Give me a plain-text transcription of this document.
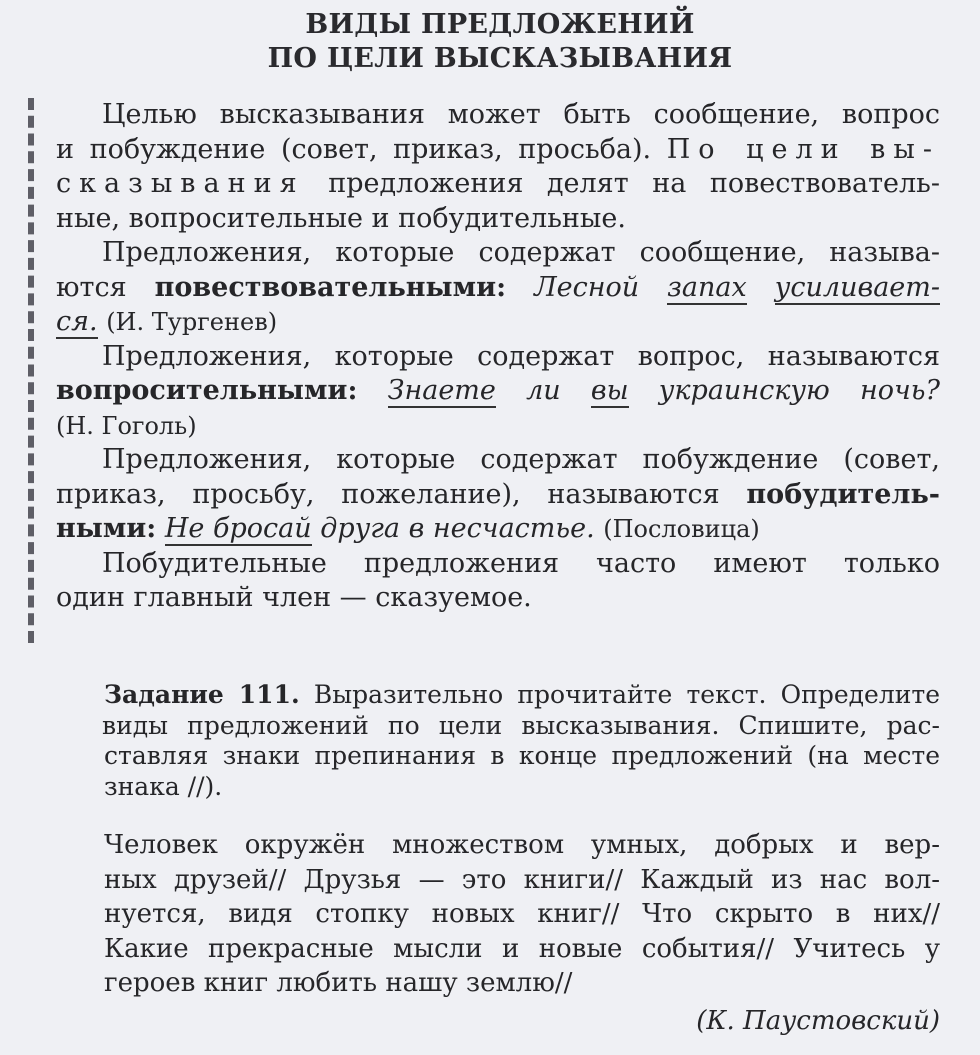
ВИДЫ ПРЕДЛОЖЕНИЙ
ПО ЦЕЛИ ВЫСКАЗЫВАНИЯ
Целью высказывания может быть сообщение, вопрос
и побуждение (совет, приказ, просьба). По цели вы-
сказывания предложения делят на повествователь-
ные, вопросительные и побудительные.
Предложения, которые содержат сообщение, называ-
ются повествовательными: Лесной запах усиливает-
ся. (И. Тургенев)
Предложения, которые содержат вопрос, называются
вопросительными: Знаете ли вы украинскую ночь?
(Н. Гоголь)
Предложения, которые содержат побуждение (совет,
приказ, просьбу, пожелание), называются побудитель-
ными: Не бросай друга в несчастье. (Пословица)
Побудительные предложения часто имеют только
один главный член — сказуемое.
Задание 111. Выразительно прочитайте текст. Определите
виды предложений по цели высказывания. Спишите, рас-
ставляя знаки препинания в конце предложений (на месте
знака //).
Человек окружён множеством умных, добрых и вер-
ных друзей// Друзья — это книги// Каждый из нас вол-
нуется, видя стопку новых книг// Что скрыто в них//
Какие прекрасные мысли и новые события// Учитесь у
героев книг любить нашу землю//
(К. Паустовский)
